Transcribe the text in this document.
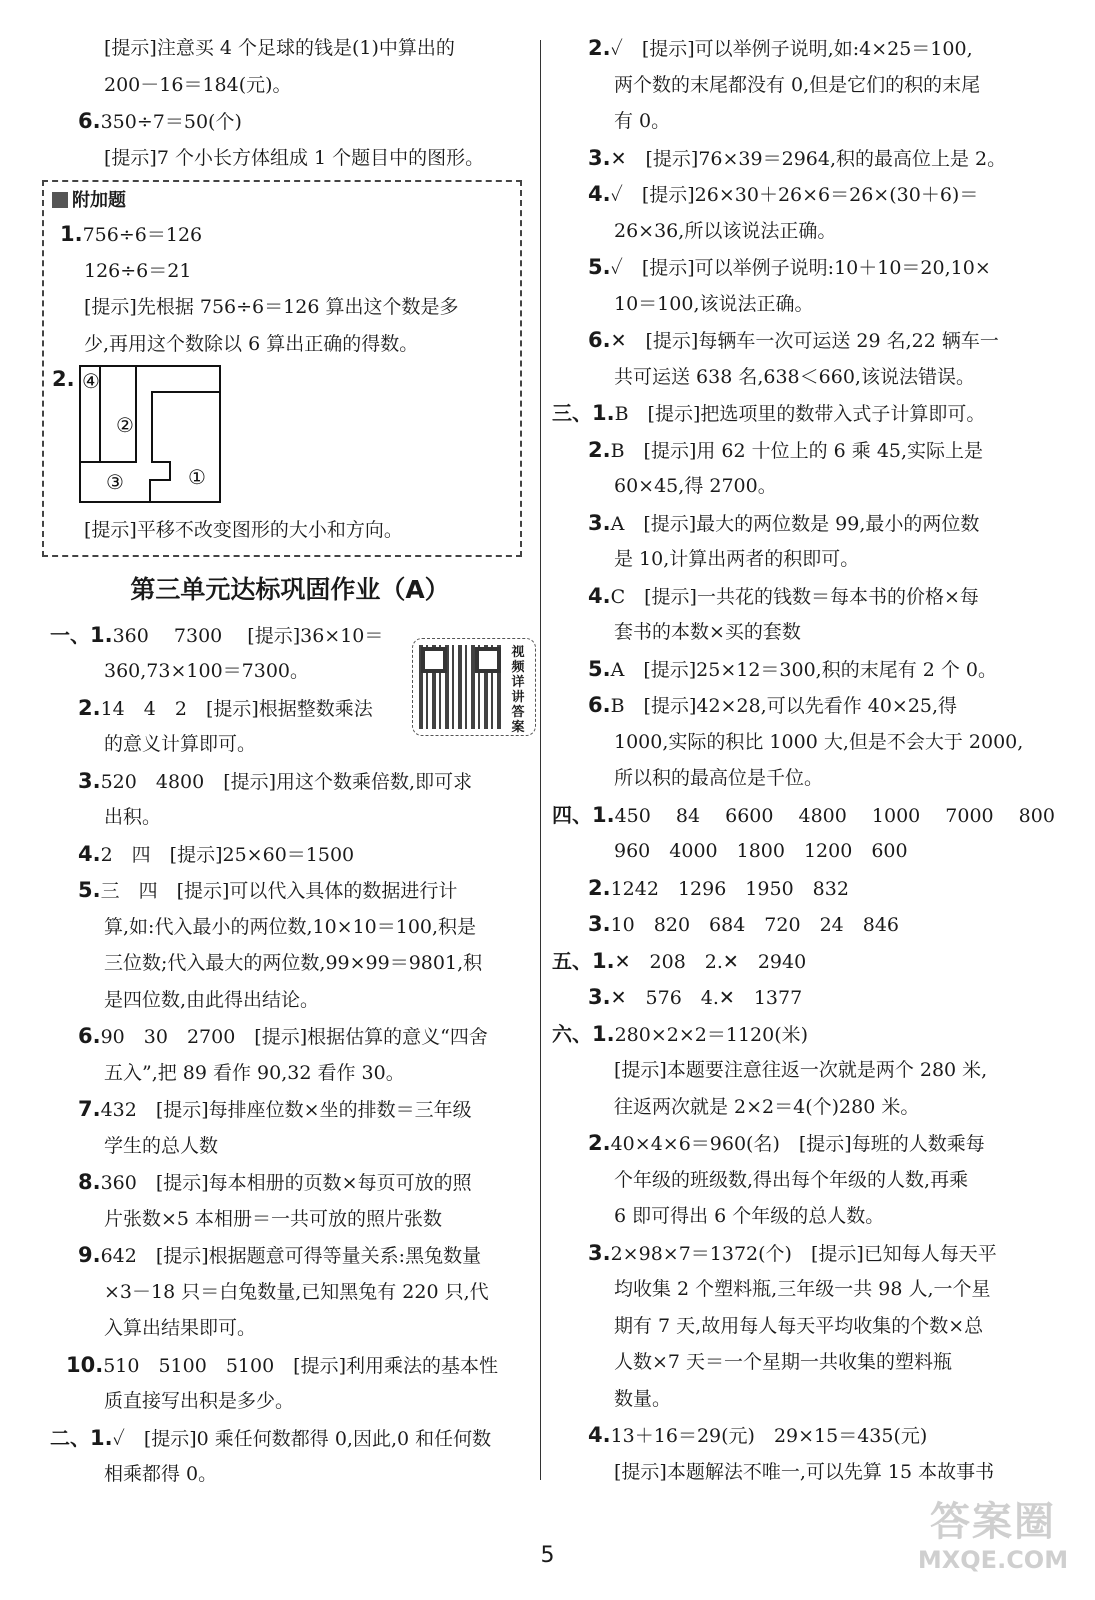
[提示]注意买 4 个足球的钱是(1)中算出的
200－16＝184(元)。
6.350÷7＝50(个)
[提示]7 个小长方体组成 1 个题目中的图形。
附加题
1.756÷6＝126
126÷6＝21
[提示]先根据 756÷6＝126 算出这个数是多
少,再用这个数除以 6 算出正确的得数。
2. ④
②
③	①
[提示]平移不改变图形的大小和方向。
第三单元达标巩固作业（A）
一、1.360　 7300　 [提示]36×10＝
360,73×100＝7300。
2.14　4　2　[提示]根据整数乘法
的意义计算即可。
3.520　4800　[提示]用这个数乘倍数,即可求
出积。
4.2　四　[提示]25×60＝1500
5.三　四　[提示]可以代入具体的数据进行计
算,如:代入最小的两位数,10×10＝100,积是
三位数;代入最大的两位数,99×99＝9801,积
是四位数,由此得出结论。
6.90　30　2700　[提示]根据估算的意义“四舍
五入”,把 89 看作 90,32 看作 30。
7.432　[提示]每排座位数×坐的排数＝三年级
学生的总人数
8.360　[提示]每本相册的页数×每页可放的照
片张数×5 本相册＝一共可放的照片张数
9.642　[提示]根据题意可得等量关系:黑兔数量
×3－18 只＝白兔数量,已知黑兔有 220 只,代
入算出结果即可。
10.510　5100　5100　[提示]利用乘法的基本性
质直接写出积是多少。
二、1.✓　[提示]0 乘任何数都得 0,因此,0 和任何数
相乘都得 0。
视
频
详
讲
答
案
2.✓　[提示]可以举例子说明,如:4×25＝100,
两个数的末尾都没有 0,但是它们的积的末尾
有 0。
3.✕　[提示]76×39＝2964,积的最高位上是 2。
4.✓　[提示]26×30＋26×6＝26×(30＋6)＝
26×36,所以该说法正确。
5.✓　[提示]可以举例子说明:10＋10＝20,10×
10＝100,该说法正确。
6.✕　[提示]每辆车一次可运送 29 名,22 辆车一
共可运送 638 名,638＜660,该说法错误。
三、1.B　[提示]把选项里的数带入式子计算即可。
2.B　[提示]用 62 十位上的 6 乘 45,实际上是
60×45,得 2700。
3.A　[提示]最大的两位数是 99,最小的两位数
是 10,计算出两者的积即可。
4.C　[提示]一共花的钱数＝每本书的价格×每
套书的本数×买的套数
5.A　[提示]25×12＝300,积的末尾有 2 个 0。
6.B　[提示]42×28,可以先看作 40×25,得
1000,实际的积比 1000 大,但是不会大于 2000,
所以积的最高位是千位。
四、1.450　 84　 6600　 4800　 1000　 7000　 800
960　4000　1800　1200　600
2.1242　1296　1950　832
3.10　820　684　720　24　846
五、1.✕　208　2.✕　2940
3.✕　576　4.✕　1377
六、1.280×2×2＝1120(米)
[提示]本题要注意往返一次就是两个 280 米,
往返两次就是 2×2＝4(个)280 米。
2.40×4×6＝960(名)　[提示]每班的人数乘每
个年级的班级数,得出每个年级的人数,再乘
6 即可得出 6 个年级的总人数。
3.2×98×7＝1372(个)　[提示]已知每人每天平
均收集 2 个塑料瓶,三年级一共 98 人,一个星
期有 7 天,故用每人每天平均收集的个数×总
人数×7 天＝一个星期一共收集的塑料瓶
数量。
4.13＋16＝29(元)　29×15＝435(元)
[提示]本题解法不唯一,可以先算 15 本故事书
5
答案圈
MXQE.COM
